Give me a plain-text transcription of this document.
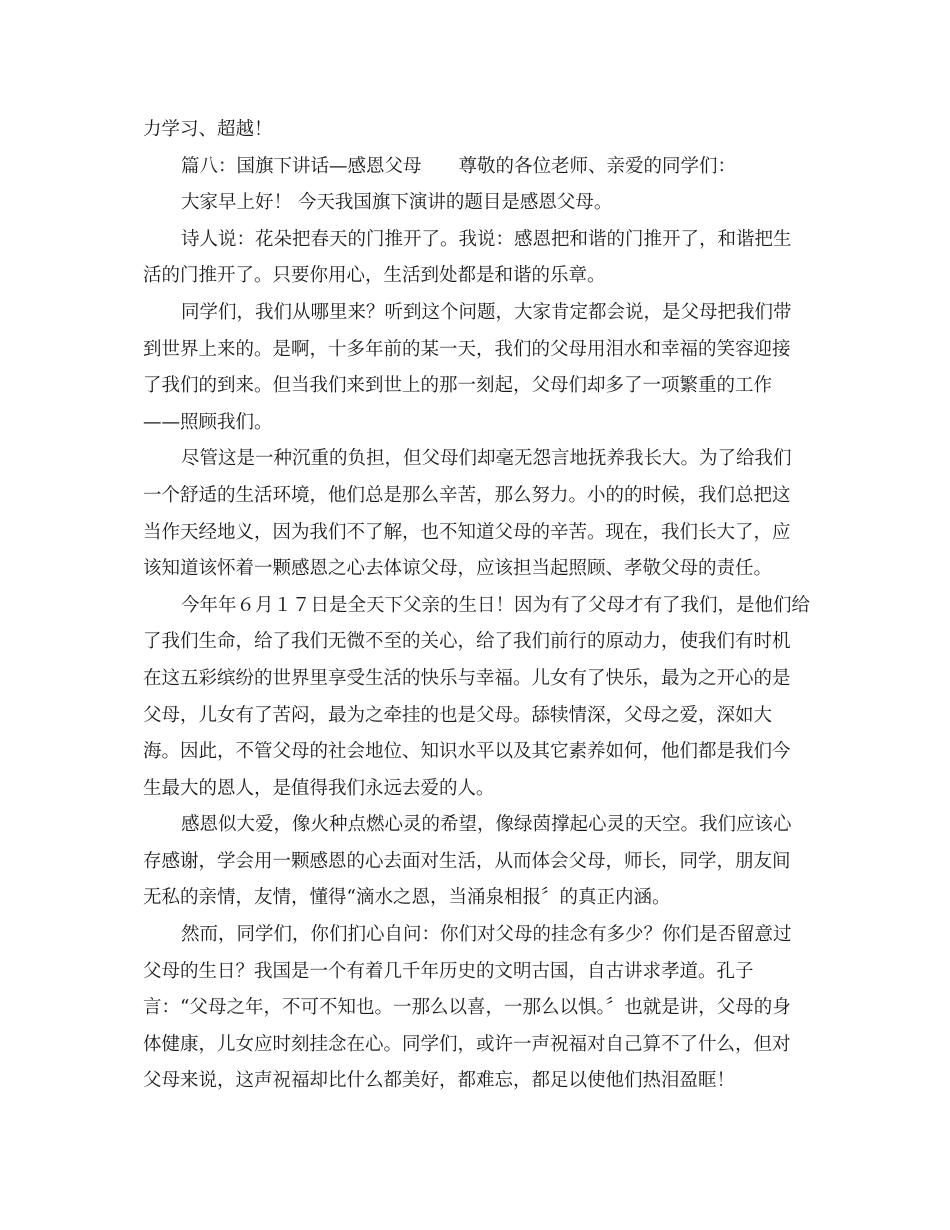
力学习、超越！
篇八：国旗下讲话—感恩父母　　尊敬的各位老师、亲爱的同学们：
大家早上好！ 今天我国旗下演讲的题目是感恩父母。
诗人说：花朵把春天的门推开了。我说：感恩把和谐的门推开了，和谐把生
活的门推开了。只要你用心，生活到处都是和谐的乐章。
同学们，我们从哪里来？听到这个问题，大家肯定都会说，是父母把我们带
到世界上来的。是啊，十多年前的某一天，我们的父母用泪水和幸福的笑容迎接
了我们的到来。但当我们来到世上的那一刻起，父母们却多了一项繁重的工作
——照顾我们。
尽管这是一种沉重的负担，但父母们却毫无怨言地抚养我长大。为了给我们
一个舒适的生活环境，他们总是那么辛苦，那么努力。小的的时候，我们总把这
当作天经地义，因为我们不了解，也不知道父母的辛苦。现在，我们长大了，应
该知道该怀着一颗感恩之心去体谅父母，应该担当起照顾、孝敬父母的责任。
今年年６月１７日是全天下父亲的生日！因为有了父母才有了我们，是他们给
了我们生命，给了我们无微不至的关心，给了我们前行的原动力，使我们有时机
在这五彩缤纷的世界里享受生活的快乐与幸福。儿女有了快乐，最为之开心的是
父母，儿女有了苦闷，最为之牵挂的也是父母。舔犊情深，父母之爱，深如大
海。因此，不管父母的社会地位、知识水平以及其它素养如何，他们都是我们今
生最大的恩人，是值得我们永远去爱的人。
感恩似大爱，像火种点燃心灵的希望，像绿茵撑起心灵的天空。我们应该心
存感谢，学会用一颗感恩的心去面对生活，从而体会父母，师长，同学，朋友间
无私的亲情，友情，懂得“滴水之恩，当涌泉相报〞的真正内涵。
然而，同学们，你们扪心自问：你们对父母的挂念有多少？你们是否留意过
父母的生日？我国是一个有着几千年历史的文明古国，自古讲求孝道。孔子
言：“父母之年，不可不知也。一那么以喜，一那么以惧。〞也就是讲，父母的身
体健康，儿女应时刻挂念在心。同学们，或许一声祝福对自己算不了什么，但对
父母来说，这声祝福却比什么都美好，都难忘，都足以使他们热泪盈眶！
